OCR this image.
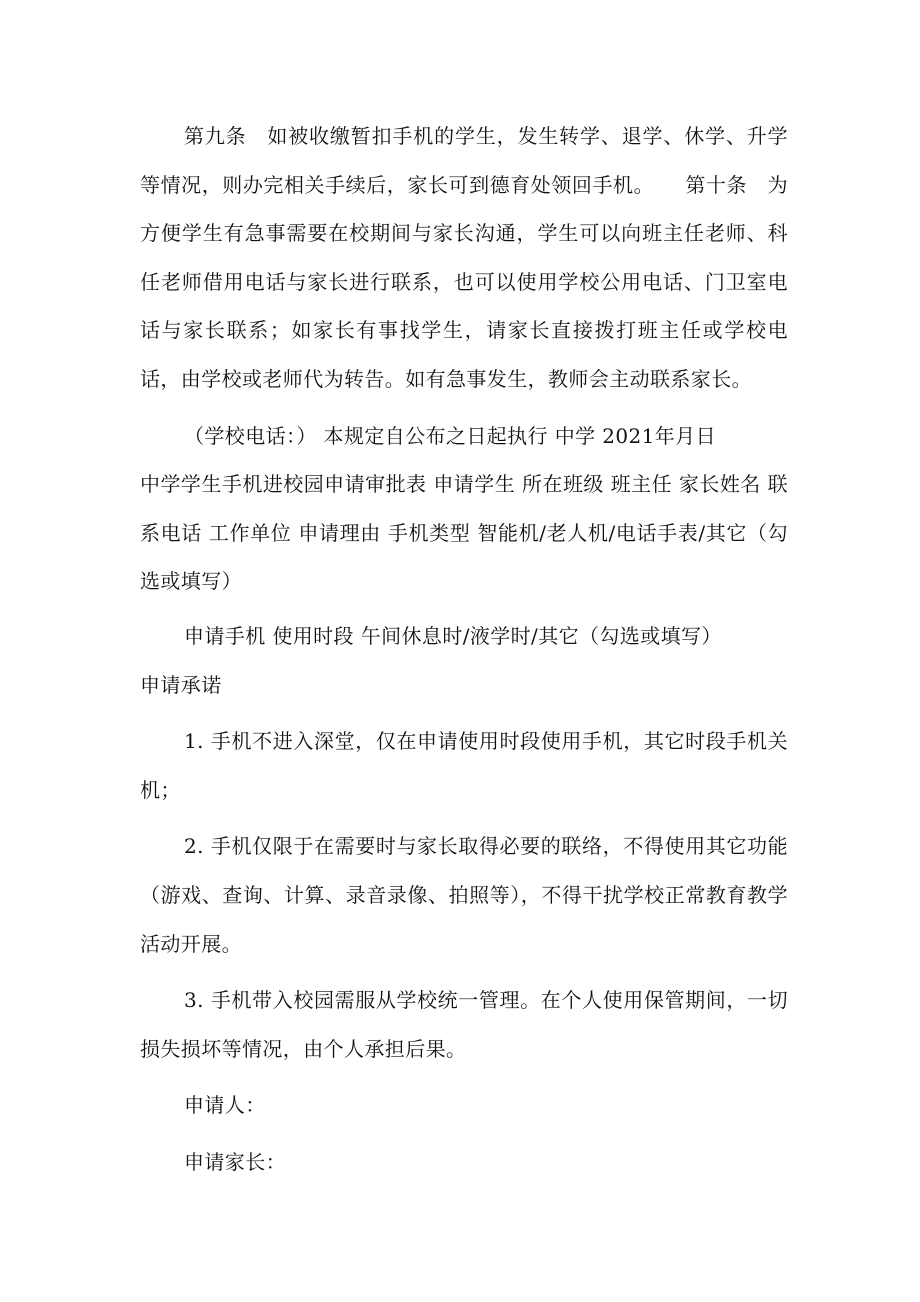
第九条　如被收缴暂扣手机的学生，发生转学、退学、休学、升学等情况，则办完相关手续后，家长可到德育处领回手机。　　第十条　为方便学生有急事需要在校期间与家长沟通，学生可以向班主任老师、科任老师借用电话与家长进行联系，也可以使用学校公用电话、门卫室电话与家长联系；如家长有事找学生，请家长直接拨打班主任或学校电话，由学校或老师代为转告。如有急事发生，教师会主动联系家长。

（学校电话：） 本规定自公布之日起执行 中学 2021年月日

中学学生手机进校园申请审批表 申请学生 所在班级 班主任 家长姓名 联系电话 工作单位 申请理由 手机类型 智能机/老人机/电话手表/其它（勾选或填写）

申请手机 使用时段 午间休息时/液学时/其它（勾选或填写）

申请承诺

1. 手机不进入深堂，仅在申请使用时段使用手机，其它时段手机关机；

2. 手机仅限于在需要时与家长取得必要的联络，不得使用其它功能（游戏、查询、计算、录音录像、拍照等），不得干扰学校正常教育教学活动开展。

3. 手机带入校园需服从学校统一管理。在个人使用保管期间，一切损失损坏等情况，由个人承担后果。

申请人：

申请家长：
